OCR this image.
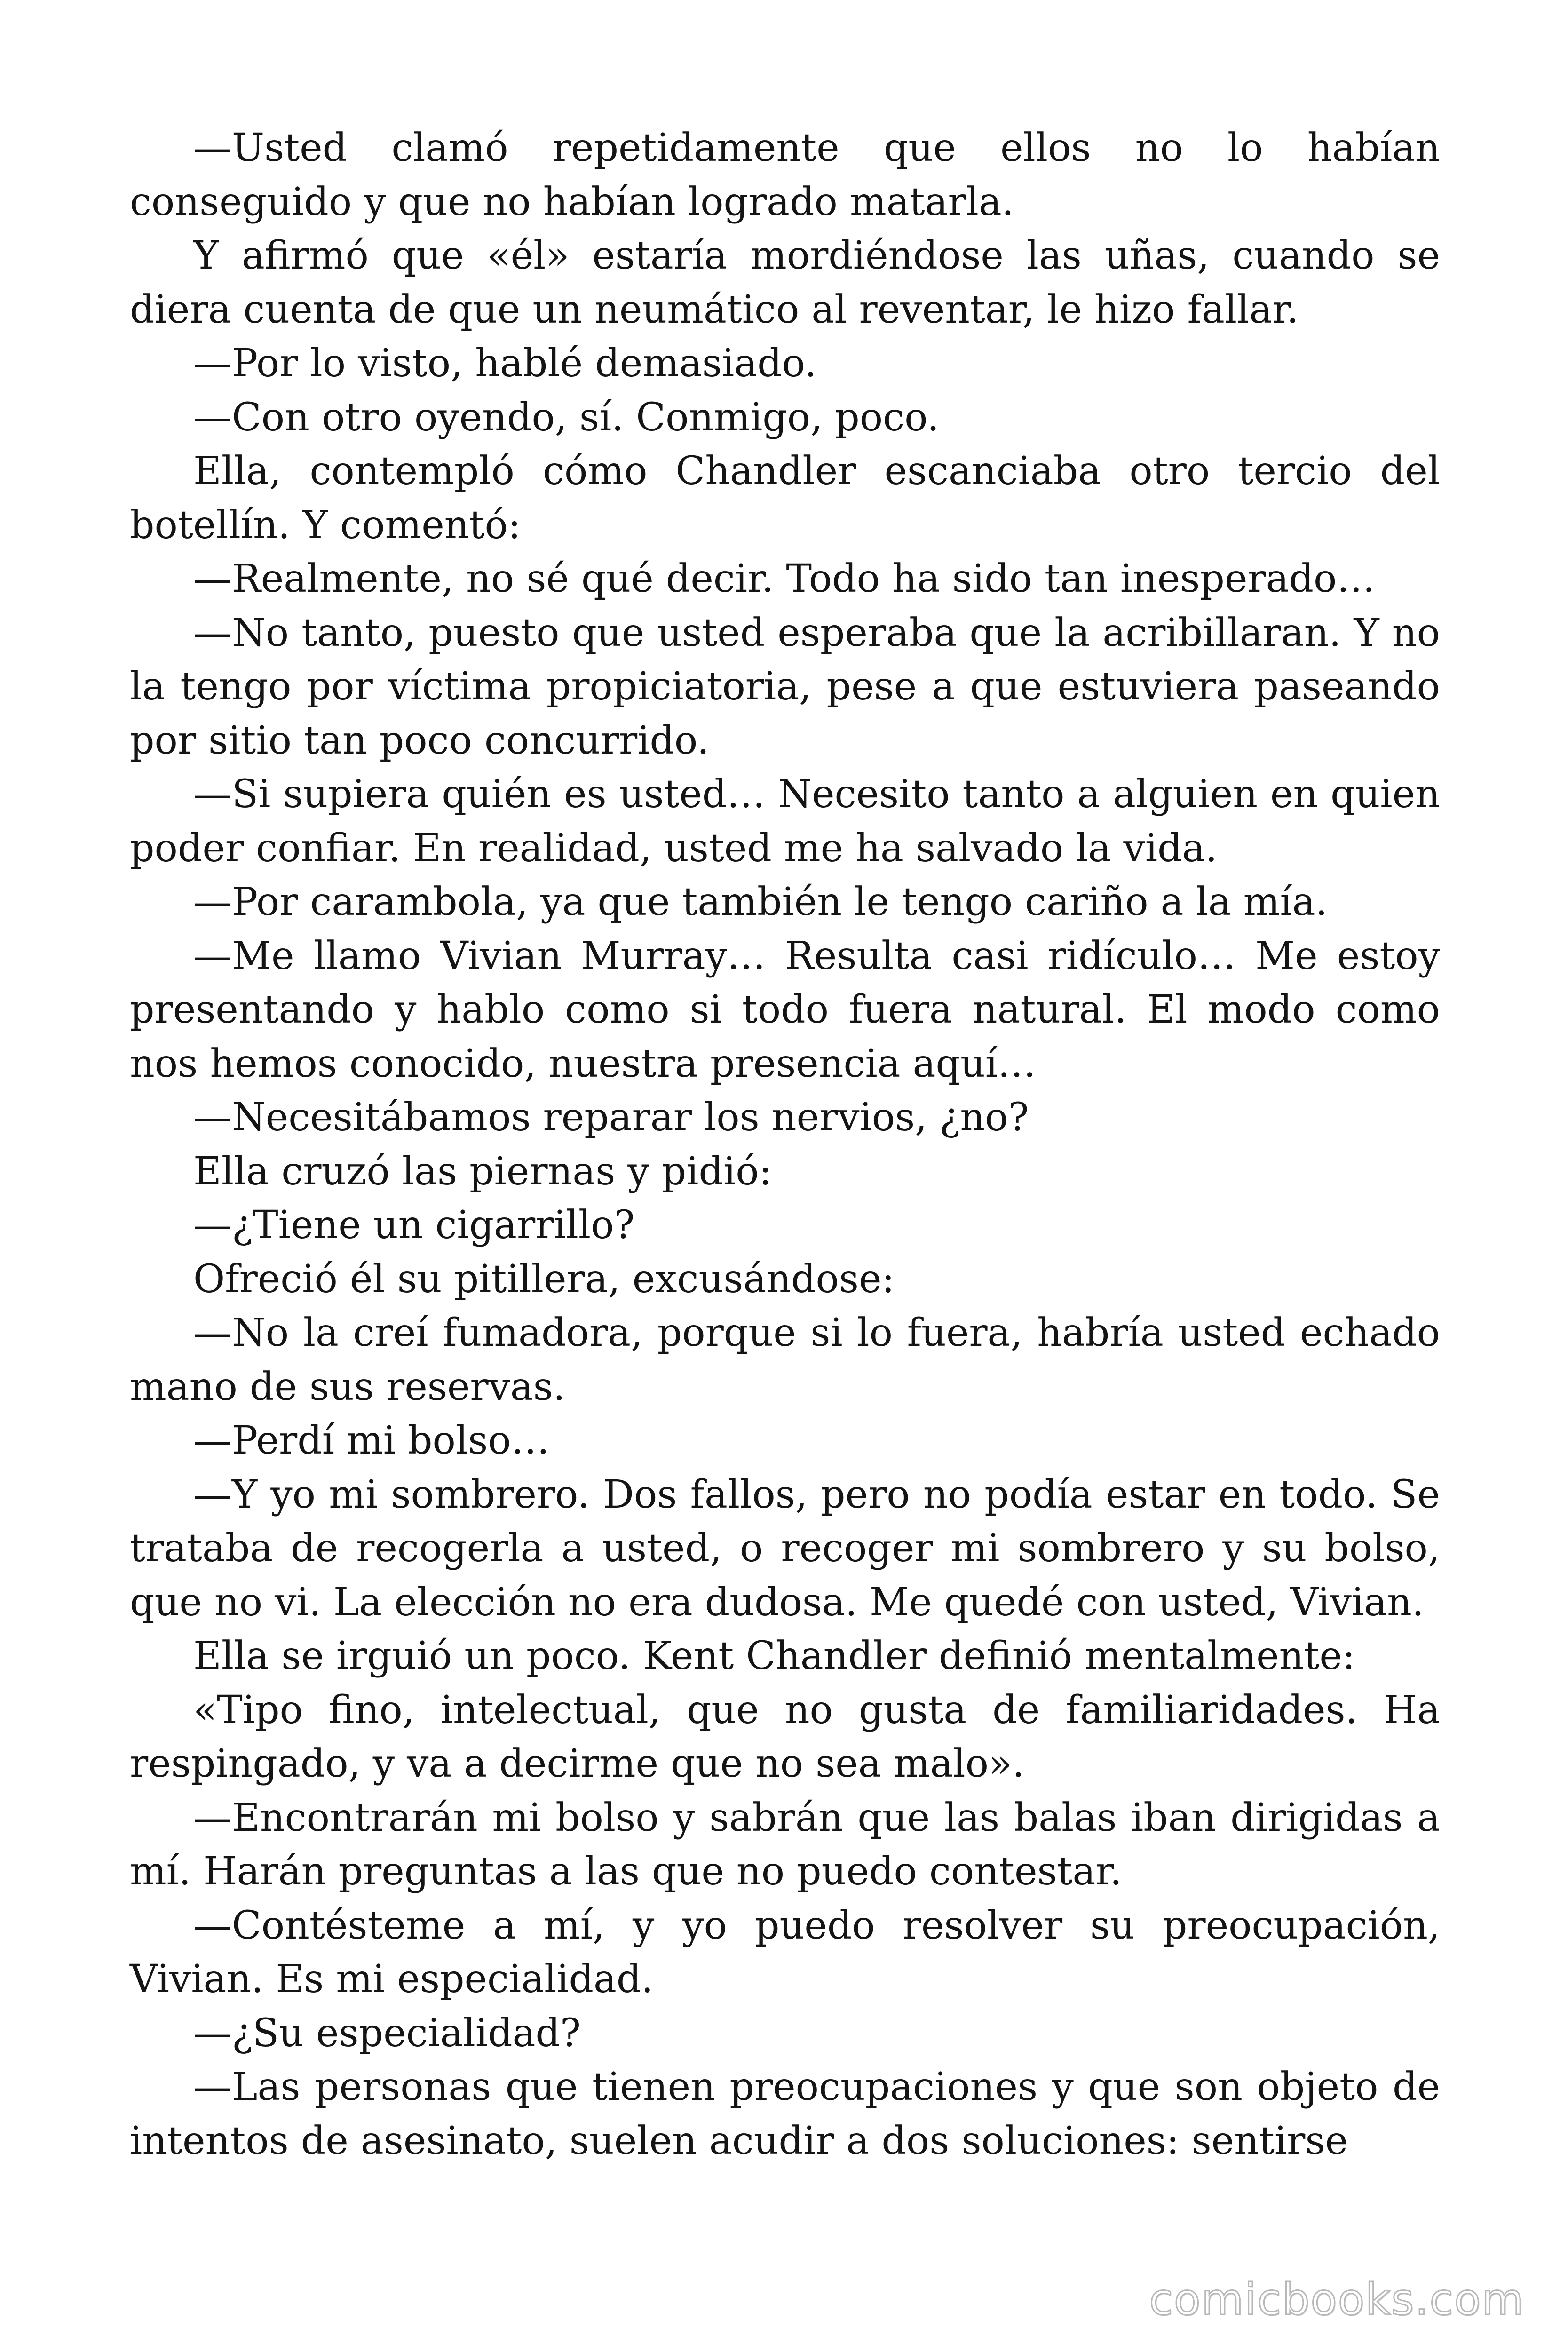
—Usted clamó repetidamente que ellos no lo habían conseguido y que no habían logrado matarla.

Y afirmó que «él» estaría mordiéndose las uñas, cuando se diera cuenta de que un neumático al reventar, le hizo fallar.

—Por lo visto, hablé demasiado.

—Con otro oyendo, sí. Conmigo, poco.

Ella, contempló cómo Chandler escanciaba otro tercio del botellín. Y comentó:

—Realmente, no sé qué decir. Todo ha sido tan inesperado…

—No tanto, puesto que usted esperaba que la acribillaran. Y no la tengo por víctima propiciatoria, pese a que estuviera paseando por sitio tan poco concurrido.

—Si supiera quién es usted… Necesito tanto a alguien en quien poder confiar. En realidad, usted me ha salvado la vida.

—Por carambola, ya que también le tengo cariño a la mía.

—Me llamo Vivian Murray… Resulta casi ridículo… Me estoy presentando y hablo como si todo fuera natural. El modo como nos hemos conocido, nuestra presencia aquí…

—Necesitábamos reparar los nervios, ¿no?

Ella cruzó las piernas y pidió:

—¿Tiene un cigarrillo?

Ofreció él su pitillera, excusándose:

—No la creí fumadora, porque si lo fuera, habría usted echado mano de sus reservas.

—Perdí mi bolso…

—Y yo mi sombrero. Dos fallos, pero no podía estar en todo. Se trataba de recogerla a usted, o recoger mi sombrero y su bolso, que no vi. La elección no era dudosa. Me quedé con usted, Vivian.

Ella se irguió un poco. Kent Chandler definió mentalmente:

«Tipo fino, intelectual, que no gusta de familiaridades. Ha respingado, y va a decirme que no sea malo».

—Encontrarán mi bolso y sabrán que las balas iban dirigidas a mí. Harán preguntas a las que no puedo contestar.

—Contésteme a mí, y yo puedo resolver su preocupación, Vivian. Es mi especialidad.

—¿Su especialidad?

—Las personas que tienen preocupaciones y que son objeto de intentos de asesinato, suelen acudir a dos soluciones: sentirse

comicbooks.com
